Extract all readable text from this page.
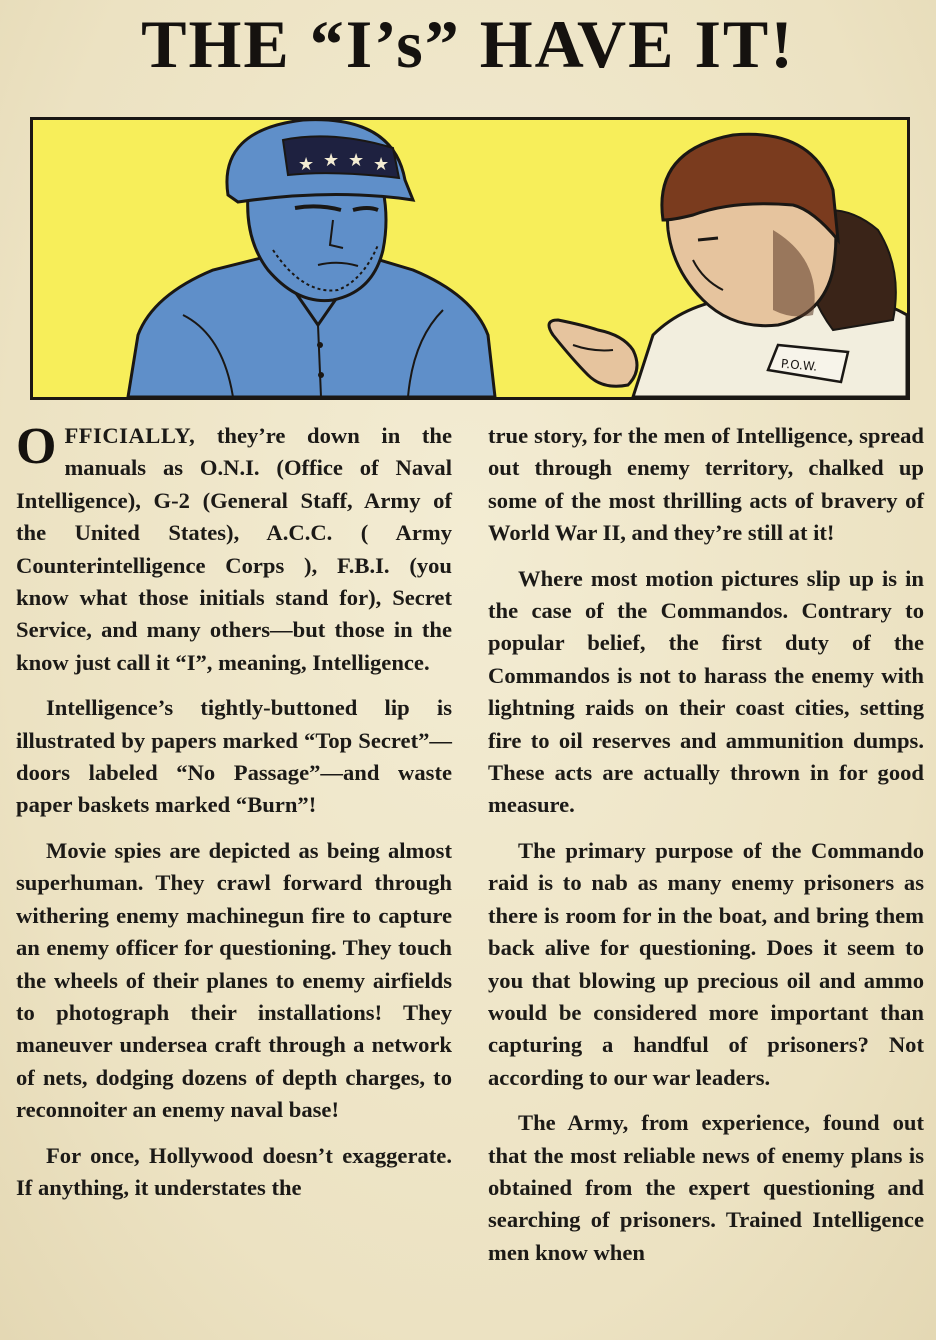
THE “I’s” HAVE IT!
★ ★ ★ ★
P.O.W.

OFFICIALLY, they’re down in the manuals as O.N.I. (Office of Naval Intelligence), G-2 (General Staff, Army of the United States), A.C.C. ( Army Counterintelligence Corps ), F.B.I. (you know what those initials stand for), Secret Service, and many others—but those in the know just call it “I”, meaning, Intelligence.

Intelligence’s tightly-buttoned lip is illustrated by papers marked “Top Secret”—doors labeled “No Passage”—and waste paper baskets marked “Burn”!

Movie spies are depicted as being almost superhuman. They crawl forward through withering enemy machinegun fire to capture an enemy officer for questioning. They touch the wheels of their planes to enemy airfields to photograph their installations! They maneuver undersea craft through a network of nets, dodging dozens of depth charges, to reconnoiter an enemy naval base!

For once, Hollywood doesn’t exaggerate. If anything, it understates the

true story, for the men of Intelligence, spread out through enemy territory, chalked up some of the most thrilling acts of bravery of World War II, and they’re still at it!

Where most motion pictures slip up is in the case of the Commandos. Contrary to popular belief, the first duty of the Commandos is not to harass the enemy with lightning raids on their coast cities, setting fire to oil reserves and ammunition dumps. These acts are actually thrown in for good measure.

The primary purpose of the Commando raid is to nab as many enemy prisoners as there is room for in the boat, and bring them back alive for questioning. Does it seem to you that blowing up precious oil and ammo would be considered more important than capturing a handful of prisoners? Not according to our war leaders.

The Army, from experience, found out that the most reliable news of enemy plans is obtained from the expert questioning and searching of prisoners. Trained Intelligence men know when
